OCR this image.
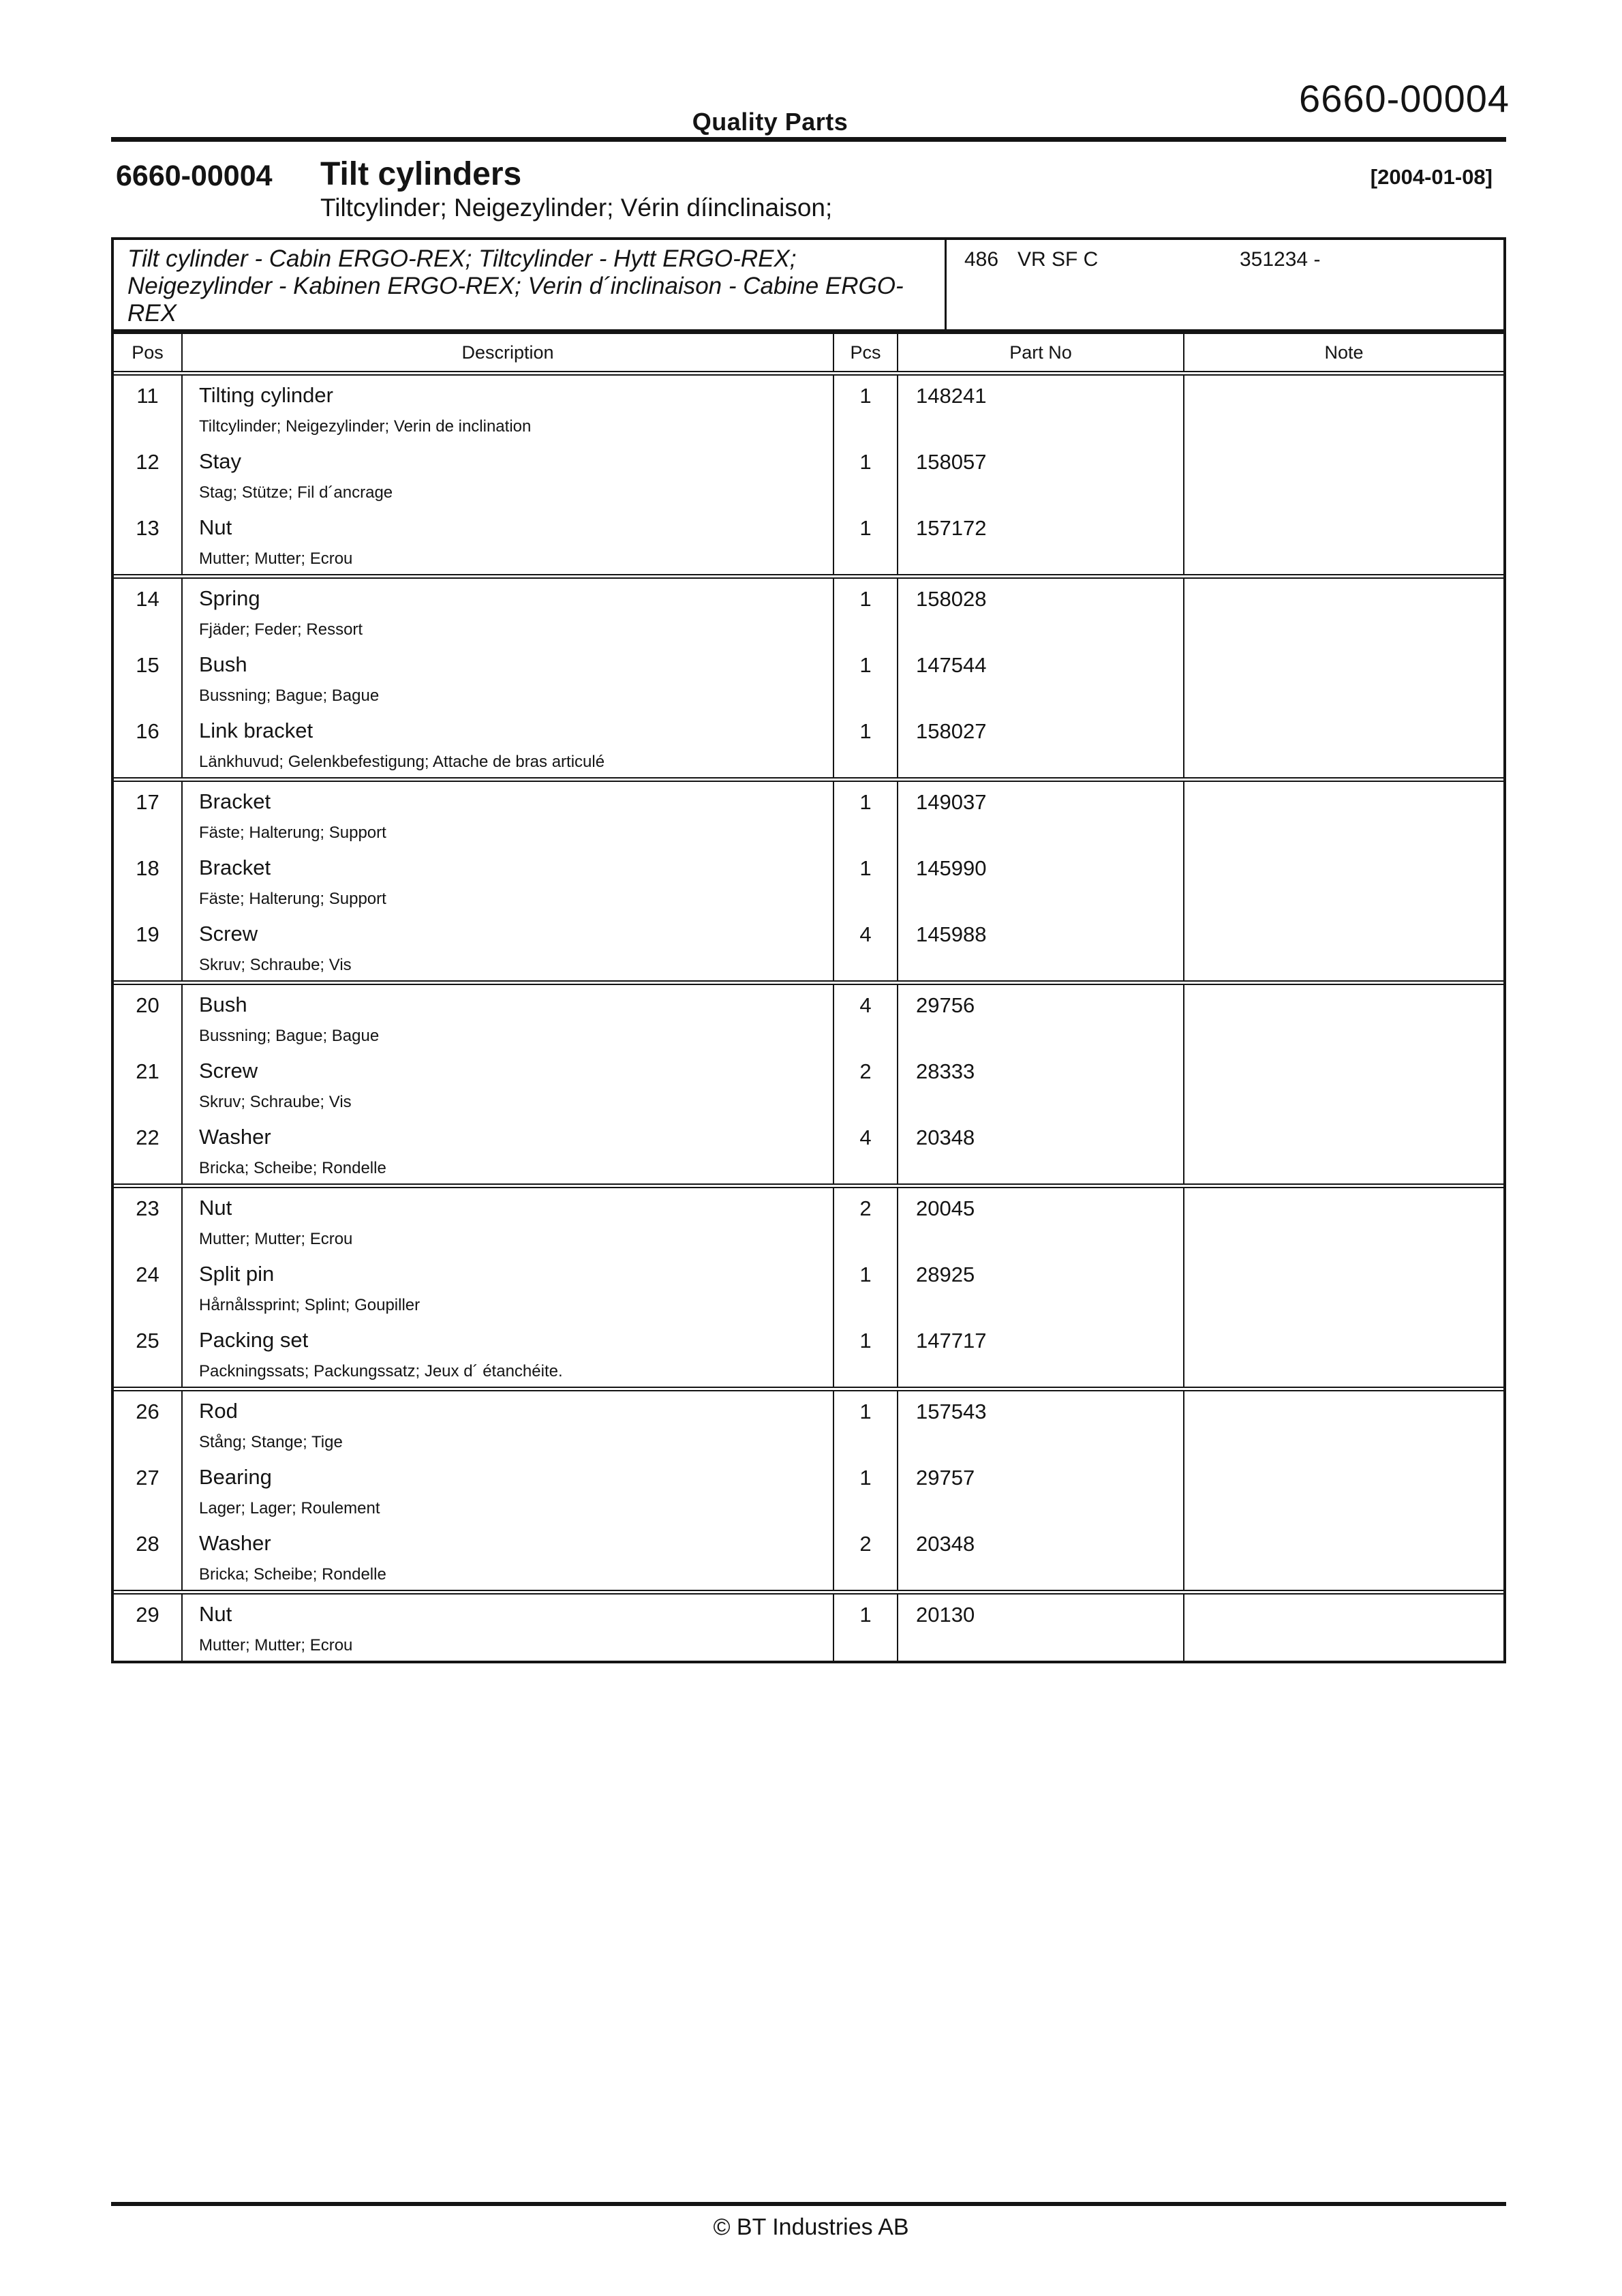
Quality Parts
6660-00004
6660-00004 Tilt cylinders	[2004-01-08]
Tiltcylinder; Neigezylinder; Vérin díinclinaison;
Tilt cylinder - Cabin ERGO-REX; Tiltcylinder - Hytt ERGO-REX; Neigezylinder - Kabinen ERGO-REX; Verin d´inclinaison - Cabine ERGO-REX
486 VR SF C	351234 -
Pos	Description	Pcs	Part No	Note
11	Tilting cylinder
Tiltcylinder; Neigezylinder; Verin de inclination	1	148241	
12	Stay
Stag; Stütze; Fil d´ancrage	1	158057	
13	Nut
Mutter; Mutter; Ecrou	1	157172	
14	Spring
Fjäder; Feder; Ressort	1	158028	
15	Bush
Bussning; Bague; Bague	1	147544	
16	Link bracket
Länkhuvud; Gelenkbefestigung; Attache de bras articulé	1	158027	
17	Bracket
Fäste; Halterung; Support	1	149037	
18	Bracket
Fäste; Halterung; Support	1	145990	
19	Screw
Skruv; Schraube; Vis	4	145988	
20	Bush
Bussning; Bague; Bague	4	29756	
21	Screw
Skruv; Schraube; Vis	2	28333	
22	Washer
Bricka; Scheibe; Rondelle	4	20348	
23	Nut
Mutter; Mutter; Ecrou	2	20045	
24	Split pin
Hårnålssprint; Splint; Goupiller	1	28925	
25	Packing set
Packningssats; Packungssatz; Jeux d´ étanchéite.	1	147717	
26	Rod
Stång; Stange; Tige	1	157543	
27	Bearing
Lager; Lager; Roulement	1	29757	
28	Washer
Bricka; Scheibe; Rondelle	2	20348	
29	Nut
Mutter; Mutter; Ecrou	1	20130	
© BT Industries AB
